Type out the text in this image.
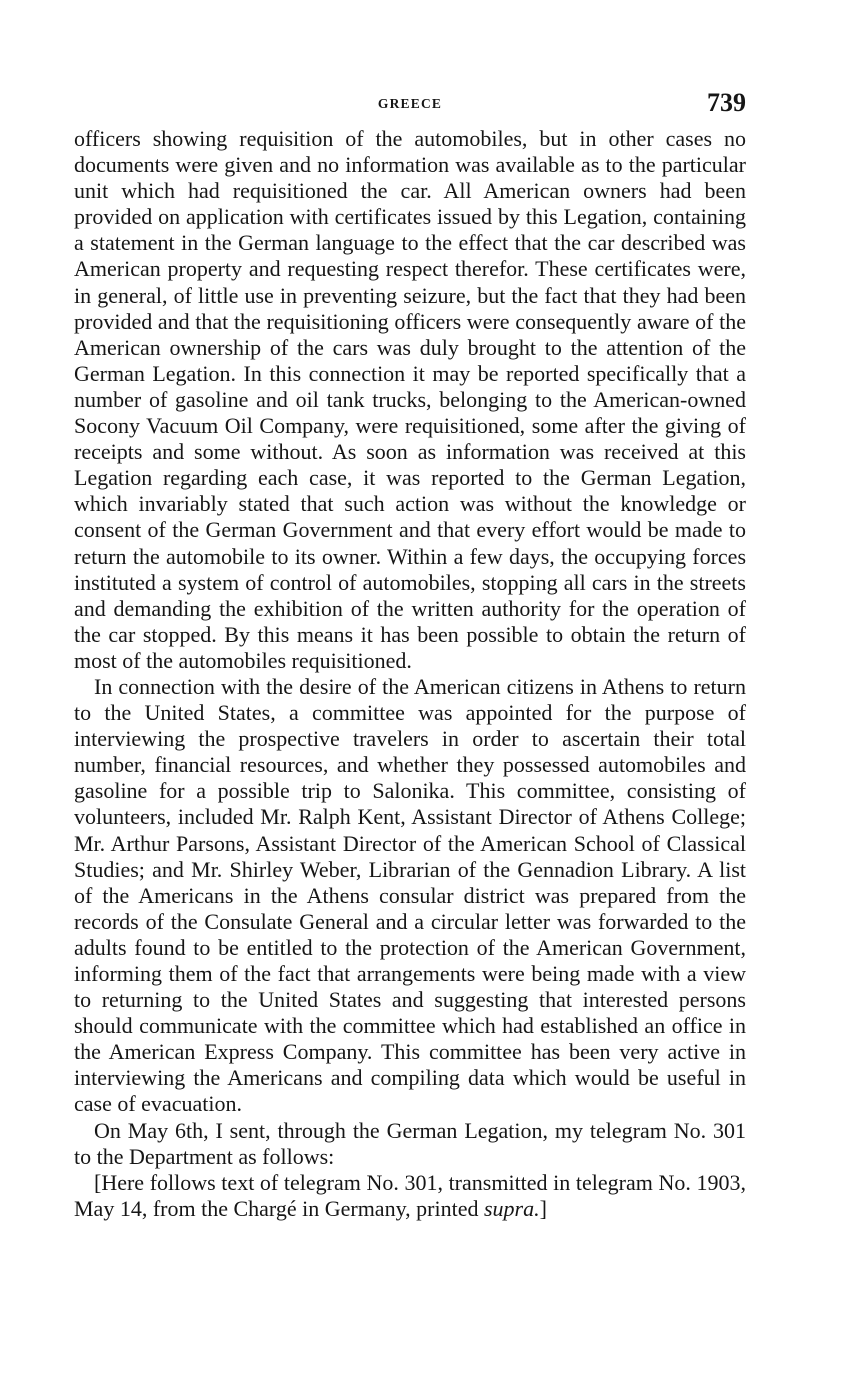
GREECE	739

officers showing requisition of the automobiles, but in other cases no documents were given and no information was available as to the particular unit which had requisitioned the car. All American owners had been provided on application with certificates issued by this Legation, containing a statement in the German language to the effect that the car described was American property and requesting respect therefor. These certificates were, in general, of little use in preventing seizure, but the fact that they had been provided and that the requisitioning officers were consequently aware of the American ownership of the cars was duly brought to the attention of the German Legation. In this connection it may be reported specifically that a number of gasoline and oil tank trucks, belonging to the American-owned Socony Vacuum Oil Company, were requisitioned, some after the giving of receipts and some without. As soon as information was received at this Legation regarding each case, it was reported to the German Legation, which invariably stated that such action was without the knowledge or consent of the German Government and that every effort would be made to return the automobile to its owner. Within a few days, the occupying forces instituted a system of control of automobiles, stopping all cars in the streets and demanding the exhibition of the written authority for the operation of the car stopped. By this means it has been possible to obtain the return of most of the automobiles requisitioned.

In connection with the desire of the American citizens in Athens to return to the United States, a committee was appointed for the purpose of interviewing the prospective travelers in order to ascertain their total number, financial resources, and whether they possessed automobiles and gasoline for a possible trip to Salonika. This committee, consisting of volunteers, included Mr. Ralph Kent, Assistant Director of Athens College; Mr. Arthur Parsons, Assistant Director of the American School of Classical Studies; and Mr. Shirley Weber, Librarian of the Gennadion Library. A list of the Americans in the Athens consular district was prepared from the records of the Consulate General and a circular letter was forwarded to the adults found to be entitled to the protection of the American Government, informing them of the fact that arrangements were being made with a view to returning to the United States and suggesting that interested persons should communicate with the committee which had established an office in the American Express Company. This committee has been very active in interviewing the Americans and compiling data which would be useful in case of evacuation.

On May 6th, I sent, through the German Legation, my telegram No. 301 to the Department as follows:

[Here follows text of telegram No. 301, transmitted in telegram No. 1903, May 14, from the Chargé in Germany, printed supra.]
